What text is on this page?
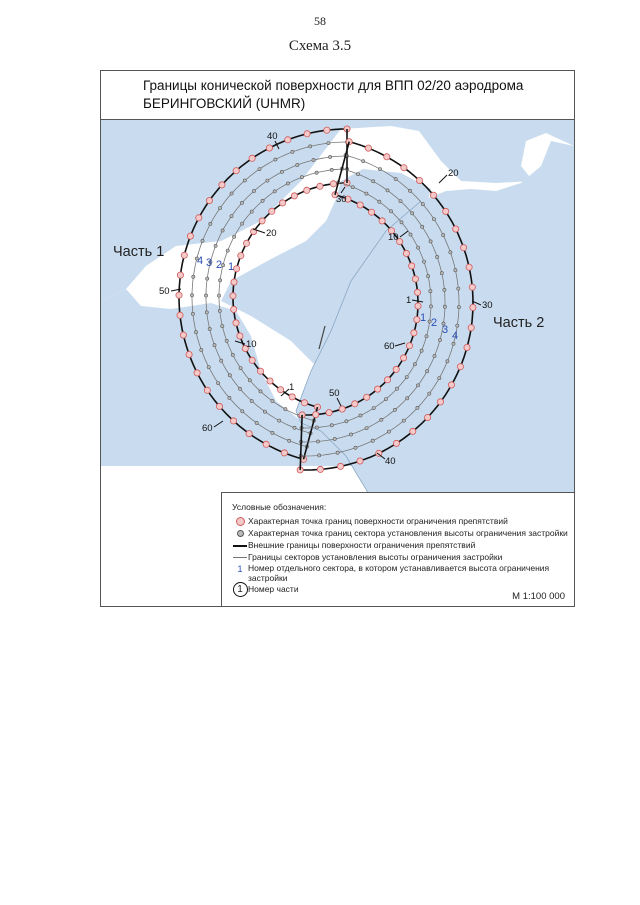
58
Схема 3.5
Границы конической поверхности для ВПП 02/20 аэродрома БЕРИНГОВСКИЙ (UHMR)
Часть 1
Часть 2
4 3 2 1
1 2
3 4
40
30
20
50
10
1
60
20
10
1	30
60
50
40
Условные обозначения:
Характерная точка границ поверхности ограничения препятствий
Характерная точка границ сектора установления высоты ограничения застройки
Внешние границы поверхности ограничения препятствий
Границы секторов установления высоты ограничения застройки
1 Номер отдельного сектора, в котором устанавливается высота ограничения застройки
1 Номер части
М 1:100 000
